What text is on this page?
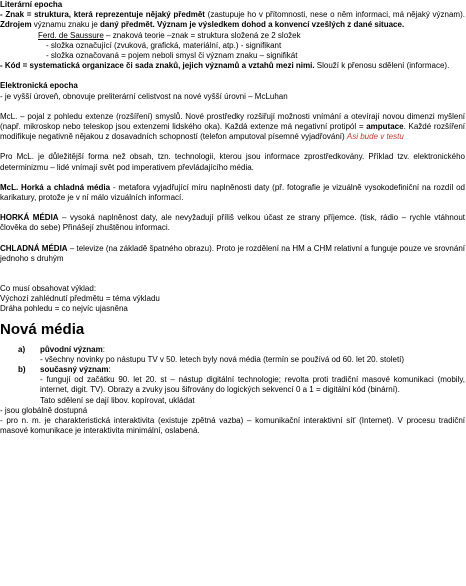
Literární epocha
- Znak = struktura, která reprezentuje nějaký předmět (zastupuje ho v přítomnosti, nese o něm informaci, má nějaký význam). Zdrojem významu znaku je daný předmět. Význam je výsledkem dohod a konvencí vzešlých z dané situace.
Ferd. de Saussure – znaková teorie –znak = struktura složená ze 2 složek
- složka označující (zvuková, grafická, materiální, atp.) - signifikant
- složka označovaná = pojem neboli smysl či význam znaku – signifikát
- Kód = systematická organizace či sada znaků, jejich významů a vztahů mezi nimi. Slouží k přenosu sdělení (informace).
Elektronická epocha
- je vyšší úroveň, obnovuje preliterární celistvost na nové vyšší úrovni – McLuhan
McL. – pojal z pohledu extenze (rozšíření) smyslů. Nové prostředky rozšiřují možnosti vnímání a otevírají novou dimenzi myšlení (např. mikroskop nebo teleskop jsou extenzemi lidského oka). Každá extenze má negativní protipól = amputace. Každé rozšíření modifikuje negativně nějakou z dosavadních schopností (telefon amputoval písemné vyjadřování) Asi bude v testu
Pro McL. je důležitější forma než obsah, tzn. technologii, kterou jsou informace zprostředkovány. Příklad tzv. elektronického determinizmu – lidé vnímají svět pod imperativem převládajícího média.
McL. Horká a chladná média - metafora vyjadřující míru naplněnosti daty (př. fotografie je vizuálně vysokodefiniční na rozdíl od karikatury, protože je v ní málo vizuálních informací.
HORKÁ MÉDIA – vysoká naplněnost daty, ale nevyžadují příliš velkou účast ze strany příjemce. (tisk, rádio – rychle vtáhnout člověka do sebe) Přinášejí zhuštěnou informaci.
CHLADNÁ MÉDIA – televize (na základě špatného obrazu). Proto je rozdělení na HM a CHM relativní a funguje pouze ve srovnání jednoho s druhým
Co musí obsahovat výklad:
Výchozí zahlédnutí předmětu = téma výkladu
Dráha pohledu = co nejvíc ujasněna
Nová média
a)	původní význam:
- všechny novinky po nástupu TV v 50. letech byly nová média (termín se používá od 60. let 20. století)
b)	současný význam:
- fungují od začátku 90. let 20. st – nástup digitální technologie; revolta proti tradiční masové komunikaci (mobily, internet, digit. TV). Obrazy a zvuky jsou šifrovány do logických sekvencí 0 a 1 = digitální kód (binární).
Tato sdělení se dají libov. kopírovat, ukládat
- jsou globálně dostupná
- pro n. m. je charakteristická interaktivita (existuje zpětná vazba) – komunikační interaktivní síť (Internet). V procesu tradiční masové komunikace je interaktivita minimální, oslabená.
